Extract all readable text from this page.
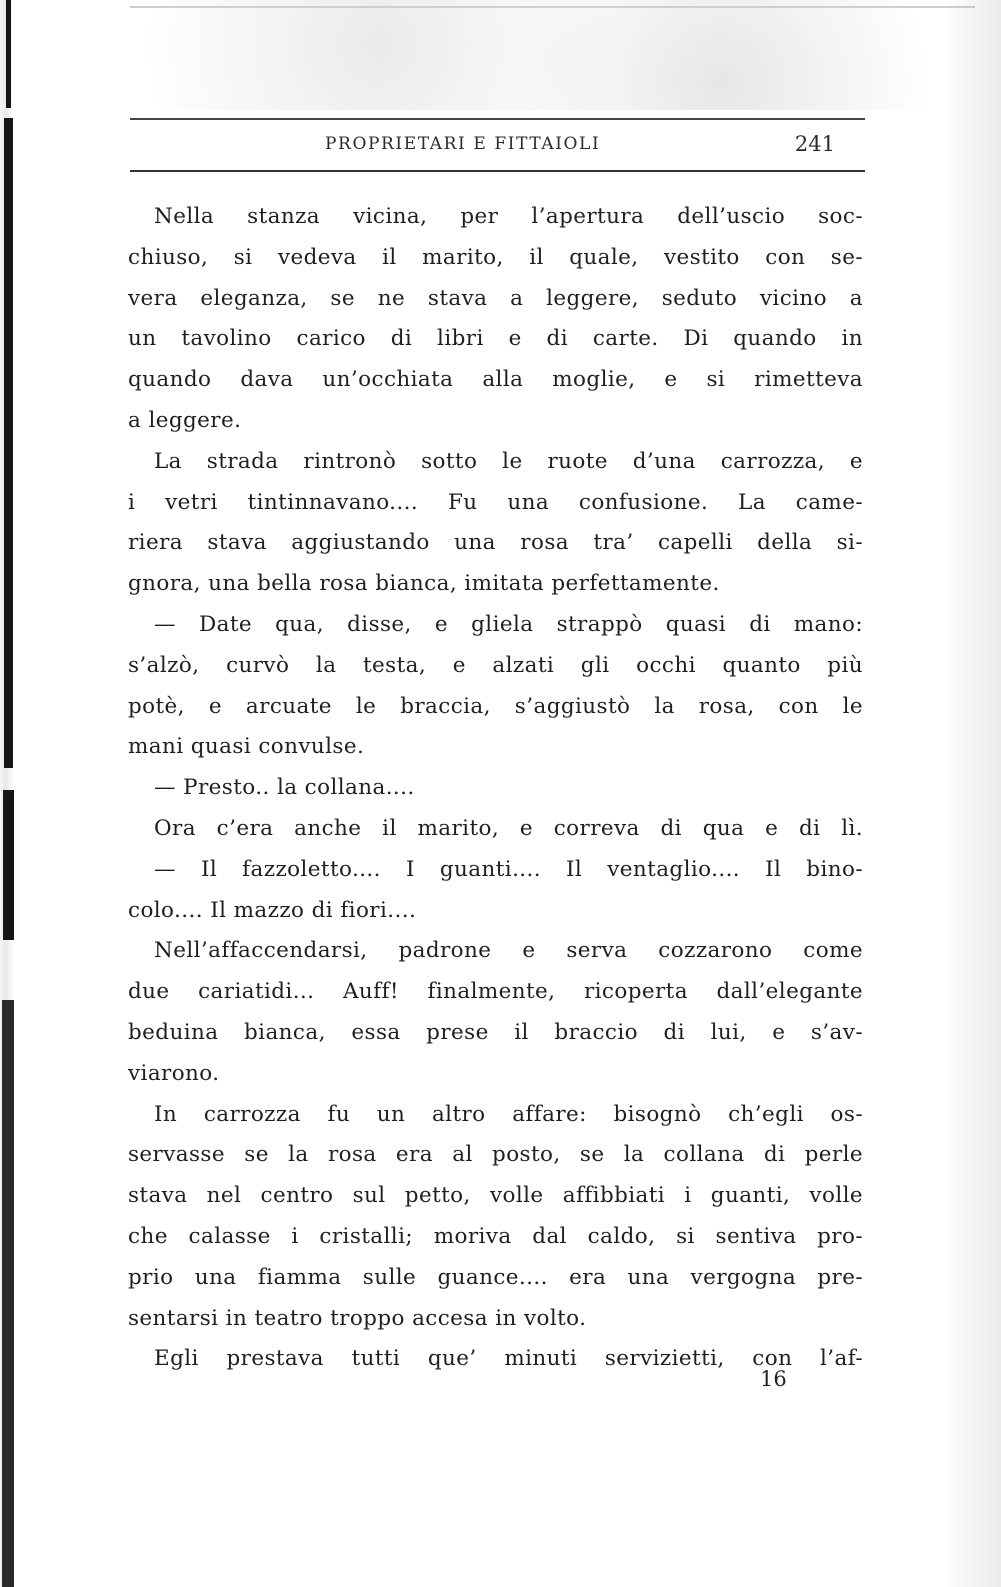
PROPRIETARI E FITTAIOLI	241
Nella stanza vicina, per l’apertura dell’uscio soc-
chiuso, si vedeva il marito, il quale, vestito con se-
vera eleganza, se ne stava a leggere, seduto vicino a
un tavolino carico di libri e di carte. Di quando in
quando dava un’occhiata alla moglie, e si rimetteva
a leggere.
La strada rintronò sotto le ruote d’una carrozza, e
i vetri tintinnavano.... Fu una confusione. La came-
riera stava aggiustando una rosa tra’ capelli della si-
gnora, una bella rosa bianca, imitata perfettamente.
— Date qua, disse, e gliela strappò quasi di mano:
s’alzò, curvò la testa, e alzati gli occhi quanto più
potè, e arcuate le braccia, s’aggiustò la rosa, con le
mani quasi convulse.
— Presto.. la collana....
Ora c’era anche il marito, e correva di qua e di lì.
— Il fazzoletto.... I guanti.... Il ventaglio.... Il bino-
colo.... Il mazzo di fiori....
Nell’affaccendarsi, padrone e serva cozzarono come
due cariatidi... Auff! finalmente, ricoperta dall’elegante
beduina bianca, essa prese il braccio di lui, e s’av-
viarono.
In carrozza fu un altro affare: bisognò ch’egli os-
servasse se la rosa era al posto, se la collana di perle
stava nel centro sul petto, volle affibbiati i guanti, volle
che calasse i cristalli; moriva dal caldo, si sentiva pro-
prio una fiamma sulle guance.... era una vergogna pre-
sentarsi in teatro troppo accesa in volto.
Egli prestava tutti que’ minuti servizietti, con l’af-
16
